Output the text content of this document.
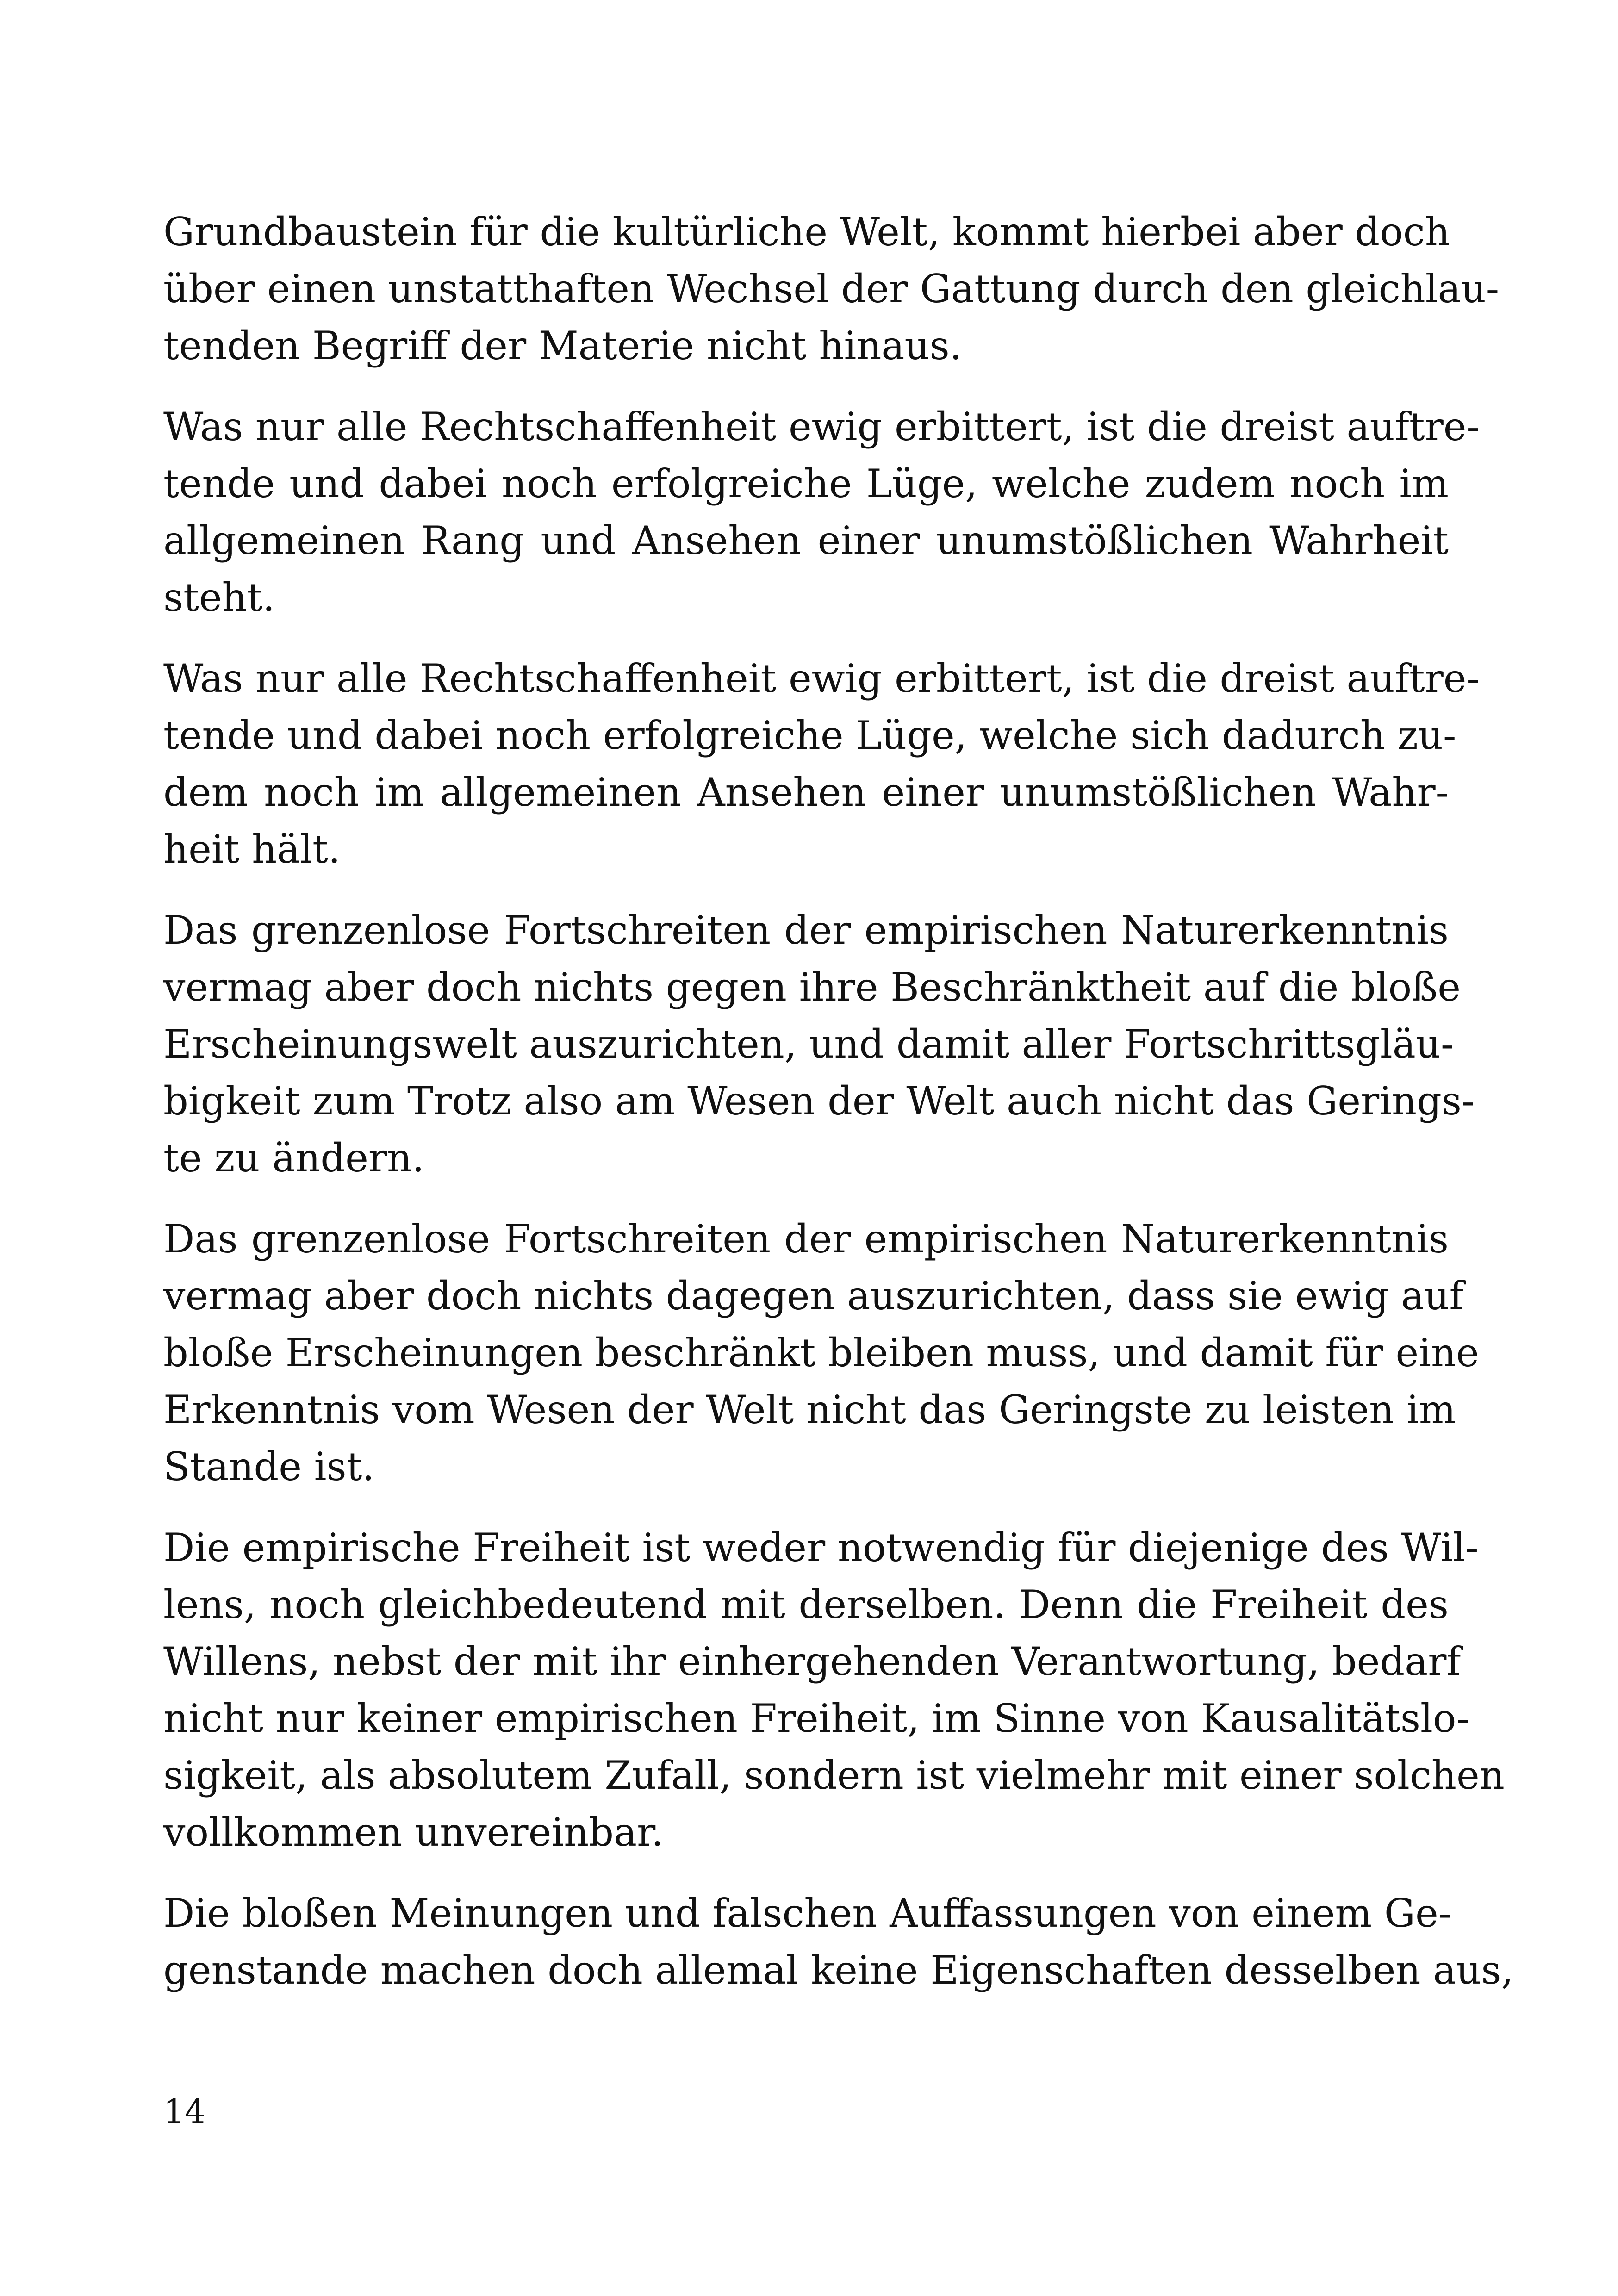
Grundbaustein für die kultürliche Welt, kommt hierbei aber doch
über einen unstatthaften Wechsel der Gattung durch den gleichlau-
tenden Begriff der Materie nicht hinaus.

Was nur alle Rechtschaffenheit ewig erbittert, ist die dreist auftre-
tende und dabei noch erfolgreiche Lüge, welche zudem noch im
allgemeinen Rang und Ansehen einer unumstößlichen Wahrheit
steht.

Was nur alle Rechtschaffenheit ewig erbittert, ist die dreist auftre-
tende und dabei noch erfolgreiche Lüge, welche sich dadurch zu-
dem noch im allgemeinen Ansehen einer unumstößlichen Wahr-
heit hält.

Das grenzenlose Fortschreiten der empirischen Naturerkenntnis
vermag aber doch nichts gegen ihre Beschränktheit auf die bloße
Erscheinungswelt auszurichten, und damit aller Fortschrittsgläu-
bigkeit zum Trotz also am Wesen der Welt auch nicht das Gerings-
te zu ändern.

Das grenzenlose Fortschreiten der empirischen Naturerkenntnis
vermag aber doch nichts dagegen auszurichten, dass sie ewig auf
bloße Erscheinungen beschränkt bleiben muss, und damit für eine
Erkenntnis vom Wesen der Welt nicht das Geringste zu leisten im
Stande ist.

Die empirische Freiheit ist weder notwendig für diejenige des Wil-
lens, noch gleichbedeutend mit derselben. Denn die Freiheit des
Willens, nebst der mit ihr einhergehenden Verantwortung, bedarf
nicht nur keiner empirischen Freiheit, im Sinne von Kausalitätslo-
sigkeit, als absolutem Zufall, sondern ist vielmehr mit einer solchen
vollkommen unvereinbar.

Die bloßen Meinungen und falschen Auffassungen von einem Ge-
genstande machen doch allemal keine Eigenschaften desselben aus,

14
